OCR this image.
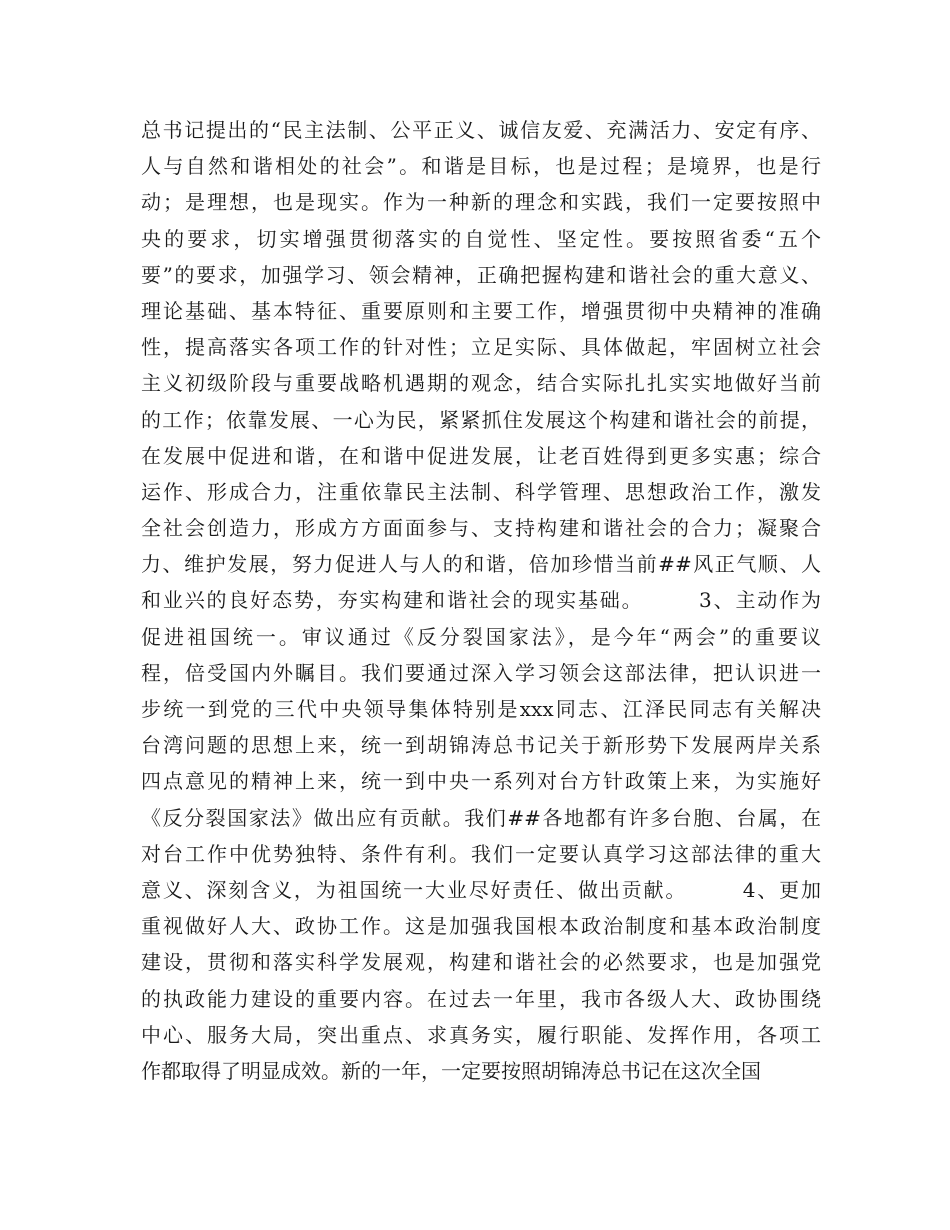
总书记提出的“民主法制、公平正义、诚信友爱、充满活力、安定有序、
人与自然和谐相处的社会”。和谐是目标，也是过程；是境界，也是行
动；是理想，也是现实。作为一种新的理念和实践，我们一定要按照中
央的要求，切实增强贯彻落实的自觉性、坚定性。要按照省委“五个
要”的要求，加强学习、领会精神，正确把握构建和谐社会的重大意义、
理论基础、基本特征、重要原则和主要工作，增强贯彻中央精神的准确
性，提高落实各项工作的针对性；立足实际、具体做起，牢固树立社会
主义初级阶段与重要战略机遇期的观念，结合实际扎扎实实地做好当前
的工作；依靠发展、一心为民，紧紧抓住发展这个构建和谐社会的前提，
在发展中促进和谐，在和谐中促进发展，让老百姓得到更多实惠；综合
运作、形成合力，注重依靠民主法制、科学管理、思想政治工作，激发
全社会创造力，形成方方面面参与、支持构建和谐社会的合力；凝聚合
力、维护发展，努力促进人与人的和谐，倍加珍惜当前##风正气顺、人
和业兴的良好态势，夯实构建和谐社会的现实基础。　　　3、主动作为
促进祖国统一。审议通过《反分裂国家法》，是今年“两会”的重要议
程，倍受国内外瞩目。我们要通过深入学习领会这部法律，把认识进一
步统一到党的三代中央领导集体特别是xxx同志、江泽民同志有关解决
台湾问题的思想上来，统一到胡锦涛总书记关于新形势下发展两岸关系
四点意见的精神上来，统一到中央一系列对台方针政策上来，为实施好
《反分裂国家法》做出应有贡献。我们##各地都有许多台胞、台属，在
对台工作中优势独特、条件有利。我们一定要认真学习这部法律的重大
意义、深刻含义，为祖国统一大业尽好责任、做出贡献。　　　4、更加
重视做好人大、政协工作。这是加强我国根本政治制度和基本政治制度
建设，贯彻和落实科学发展观，构建和谐社会的必然要求，也是加强党
的执政能力建设的重要内容。在过去一年里，我市各级人大、政协围绕
中心、服务大局，突出重点、求真务实，履行职能、发挥作用，各项工
作都取得了明显成效。新的一年，一定要按照胡锦涛总书记在这次全国
